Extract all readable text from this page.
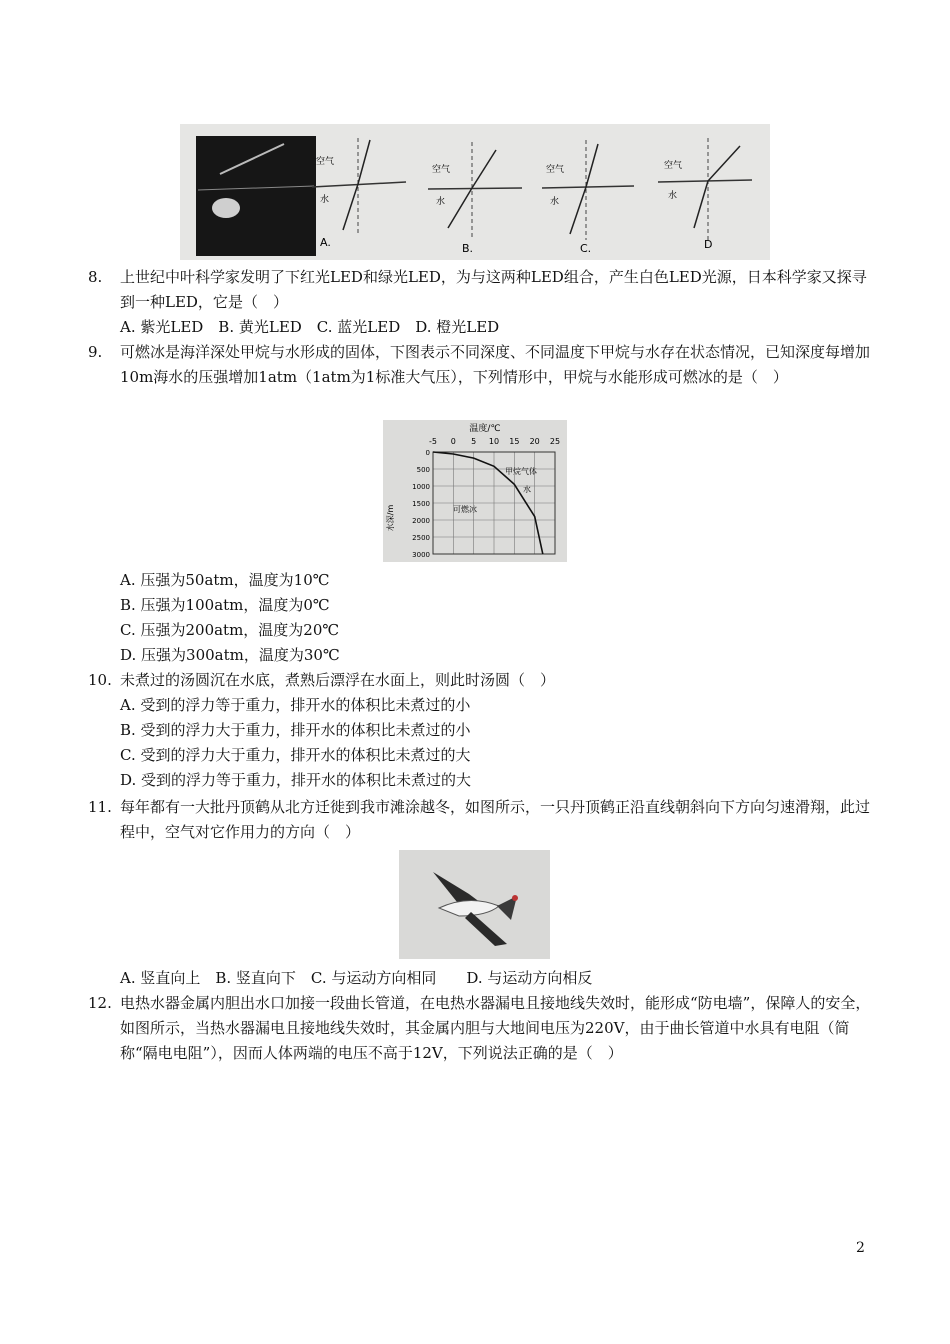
空气
水
A.
空气
水
B.
空气
水
C.
空气
水
D
8. 上世纪中叶科学家发明了下红光LED和绿光LED，为与这两种LED组合，产生白色LED光源，日本科学家又探寻到一种LED，它是（　）
A. 紫光LED　B. 黄光LED　C. 蓝光LED　D. 橙光LED
9. 可燃冰是海洋深处甲烷与水形成的固体，下图表示不同深度、不同温度下甲烷与水存在状态情况，已知深度每增加10m海水的压强增加1atm（1atm为1标准大气压），下列情形中，甲烷与水能形成可燃冰的是（　）
温度/℃
水深/m
甲烷气体
水
可燃冰
-5 0 5 10 15 20 25
0
500
1000
1500
2000
2500
3000
A. 压强为50atm，温度为10℃
B. 压强为100atm，温度为0℃
C. 压强为200atm，温度为20℃
D. 压强为300atm，温度为30℃
10. 未煮过的汤圆沉在水底，煮熟后漂浮在水面上，则此时汤圆（　）
A. 受到的浮力等于重力，排开水的体积比未煮过的小
B. 受到的浮力大于重力，排开水的体积比未煮过的小
C. 受到的浮力大于重力，排开水的体积比未煮过的大
D. 受到的浮力等于重力，排开水的体积比未煮过的大
11. 每年都有一大批丹顶鹤从北方迁徙到我市滩涂越冬，如图所示，一只丹顶鹤正沿直线朝斜向下方向匀速滑翔，此过程中，空气对它作用力的方向（　）
A. 竖直向上　B. 竖直向下　C. 与运动方向相同　　D. 与运动方向相反
12. 电热水器金属内胆出水口加接一段曲长管道，在电热水器漏电且接地线失效时，能形成“防电墙”，保障人的安全，如图所示，当热水器漏电且接地线失效时，其金属内胆与大地间电压为220V，由于曲长管道中水具有电阻（简称“隔电电阻”），因而人体两端的电压不高于12V，下列说法正确的是（　）
2
